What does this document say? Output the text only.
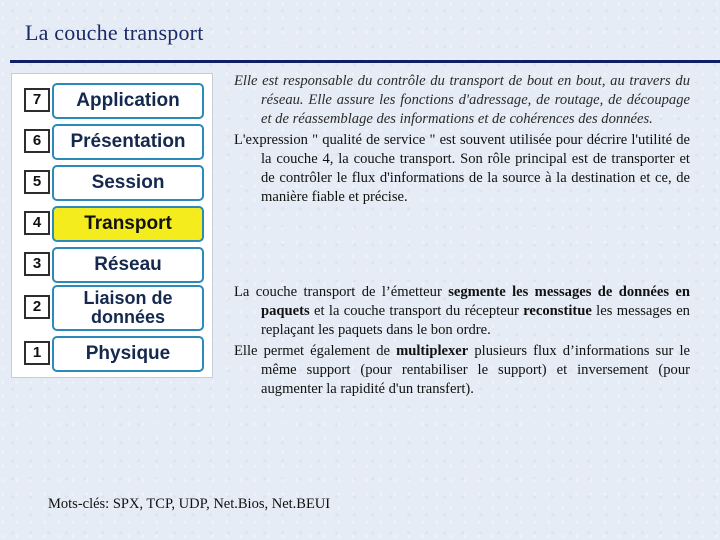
La couche transport
7	Application
6	Présentation
5	Session
4	Transport
3	Réseau
2	Liaison de données
1	Physique

Elle est responsable du contrôle du transport de bout en bout, au travers du réseau. Elle assure les fonctions d'adressage, de routage, de découpage et de réassemblage des informations et de cohérences des données.

L'expression " qualité de service " est souvent utilisée pour décrire l'utilité de la couche 4, la couche transport. Son rôle principal est de transporter et de contrôler le flux d'informations de la source à la destination et ce, de manière fiable et précise.

La couche transport de l’émetteur segmente les messages de données en paquets et la couche transport du récepteur reconstitue les messages en replaçant les paquets dans le bon ordre.

Elle permet également de multiplexer plusieurs flux d’informations sur le même support (pour rentabiliser le support) et inversement (pour augmenter la rapidité d'un transfert).

Mots-clés: SPX, TCP, UDP, Net.Bios, Net.BEUI
